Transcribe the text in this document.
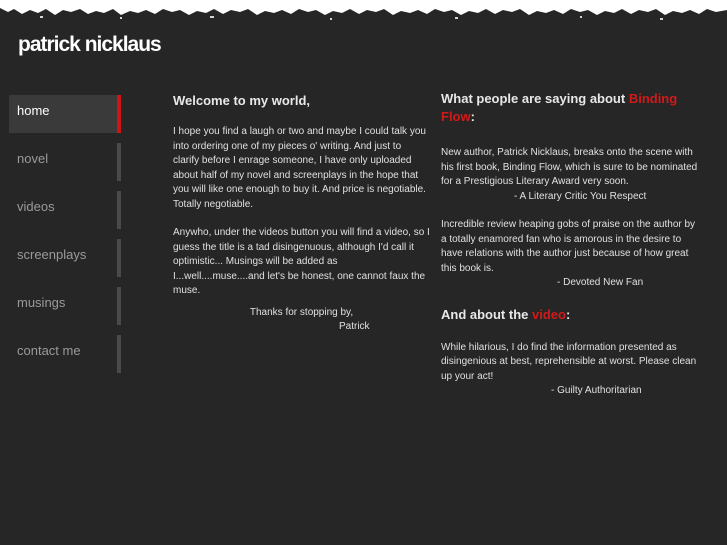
patrick nicklaus
home
novel
videos
screenplays
musings
contact me
Welcome to my world,

I hope you find a laugh or two and maybe I could talk you into ordering one of my pieces o' writing. And just to clarify before I enrage someone, I have only uploaded about half of my novel and screenplays in the hope that you will like one enough to buy it. And price is negotiable. Totally negotiable.

Anywho, under the videos button you will find a video, so I guess the title is a tad disingenuous, although I'd call it optimistic... Musings will be added as I...well....muse....and let's be honest, one cannot faux the muse.

Thanks for stopping by,

Patrick

What people are saying about Binding Flow:

New author, Patrick Nicklaus, breaks onto the scene with his first book, Binding Flow, which is sure to be nominated for a Prestigious Literary Award very soon.

- A Literary Critic You Respect

Incredible review heaping gobs of praise on the author by a totally enamored fan who is amorous in the desire to have relations with the author just because of how great this book is.

- Devoted New Fan

And about the video:

While hilarious, I do find the information presented as disingenious at best, reprehensible at worst. Please clean up your act!

- Guilty Authoritarian
